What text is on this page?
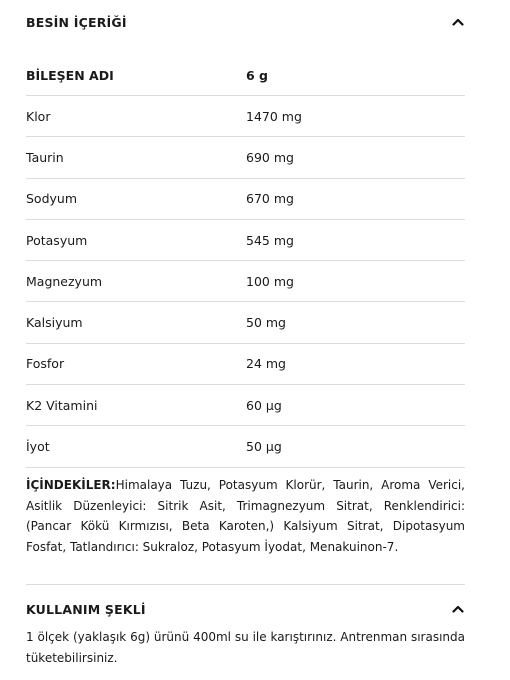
BESİN İÇERİĞİ
BİLEŞEN ADI	6 g
Klor	1470 mg
Taurin	690 mg
Sodyum	670 mg
Potasyum	545 mg
Magnezyum	100 mg
Kalsiyum	50 mg
Fosfor	24 mg
K2 Vitamini	60 µg
İyot	50 µg

İÇİNDEKİLER:Himalaya Tuzu, Potasyum Klorür, Taurin, Aroma Verici, Asitlik Düzenleyici: Sitrik Asit, Trimagnezyum Sitrat, Renklendirici: (Pancar Kökü Kırmızısı, Beta Karoten,) Kalsiyum Sitrat, Dipotasyum Fosfat, Tatlandırıcı: Sukraloz, Potasyum İyodat, Menakuinon-7.

KULLANIM ŞEKLİ

1 ölçek (yaklaşık 6g) ürünü 400ml su ile karıştırınız. Antrenman sırasında tüketebilirsiniz.
